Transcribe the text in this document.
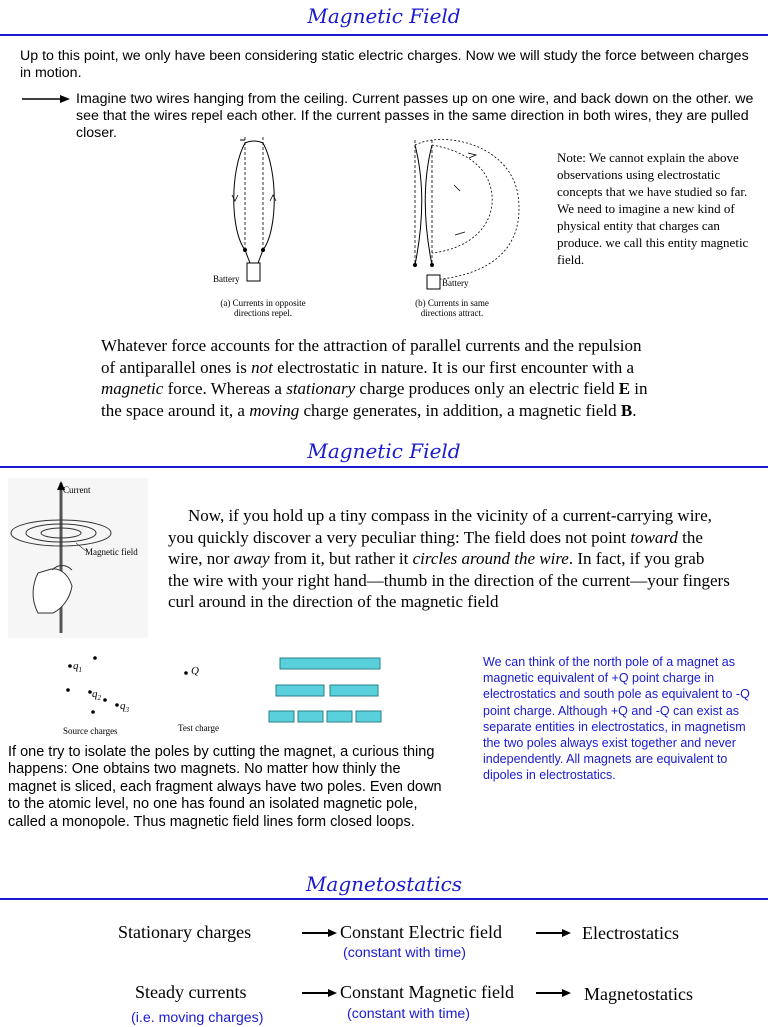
Magnetic Field
Up to this point, we only have been considering static electric charges. Now we will study the force between charges in motion.
Imagine two wires hanging from the ceiling. Current passes up on one wire, and back down on the other. we see that the wires repel each other. If the current passes in the same direction in both wires, they are pulled closer.
Battery
(a) Currents in opposite
directions repel.
Battery
(b) Currents in same
directions attract.
Note: We cannot explain the above observations using electrostatic concepts that we have studied so far. We need to imagine a new kind of physical entity that charges can produce. we call this entity magnetic field.
Whatever force accounts for the attraction of parallel currents and the repulsion
of antiparallel ones is not electrostatic in nature. It is our first encounter with a
magnetic force. Whereas a stationary charge produces only an electric field E in
the space around it, a moving charge generates, in addition, a magnetic field B.
Magnetic Field
Current
Magnetic field
Now, if you hold up a tiny compass in the vicinity of a current-carrying wire,
you quickly discover a very peculiar thing: The field does not point toward the
wire, nor away from it, but rather it circles around the wire. In fact, if you grab
the wire with your right hand—thumb in the direction of the current—your fingers
curl around in the direction of the magnetic field
$q_1$
$q_2$
$q_3$
Q
Source charges	Test charge
We can think of the north pole of a magnet as magnetic equivalent of +Q point charge in electrostatics and south pole as equivalent to -Q point charge. Although +Q and -Q can exist as separate entities in electrostatics, in magnetism the two poles always exist together and never independently. All magnets are equivalent to dipoles in electrostatics.
If one try to isolate the poles by cutting the magnet, a curious thing happens: One obtains two magnets. No matter how thinly the magnet is sliced, each fragment always have two poles. Even down to the atomic level, no one has found an isolated magnetic pole, called a monopole. Thus magnetic field lines form closed loops.
Magnetostatics
Stationary charges	Constant Electric field
(constant with time)
Electrostatics
Steady currents
(i.e. moving charges)
Constant Magnetic field
(constant with time)
Magnetostatics
